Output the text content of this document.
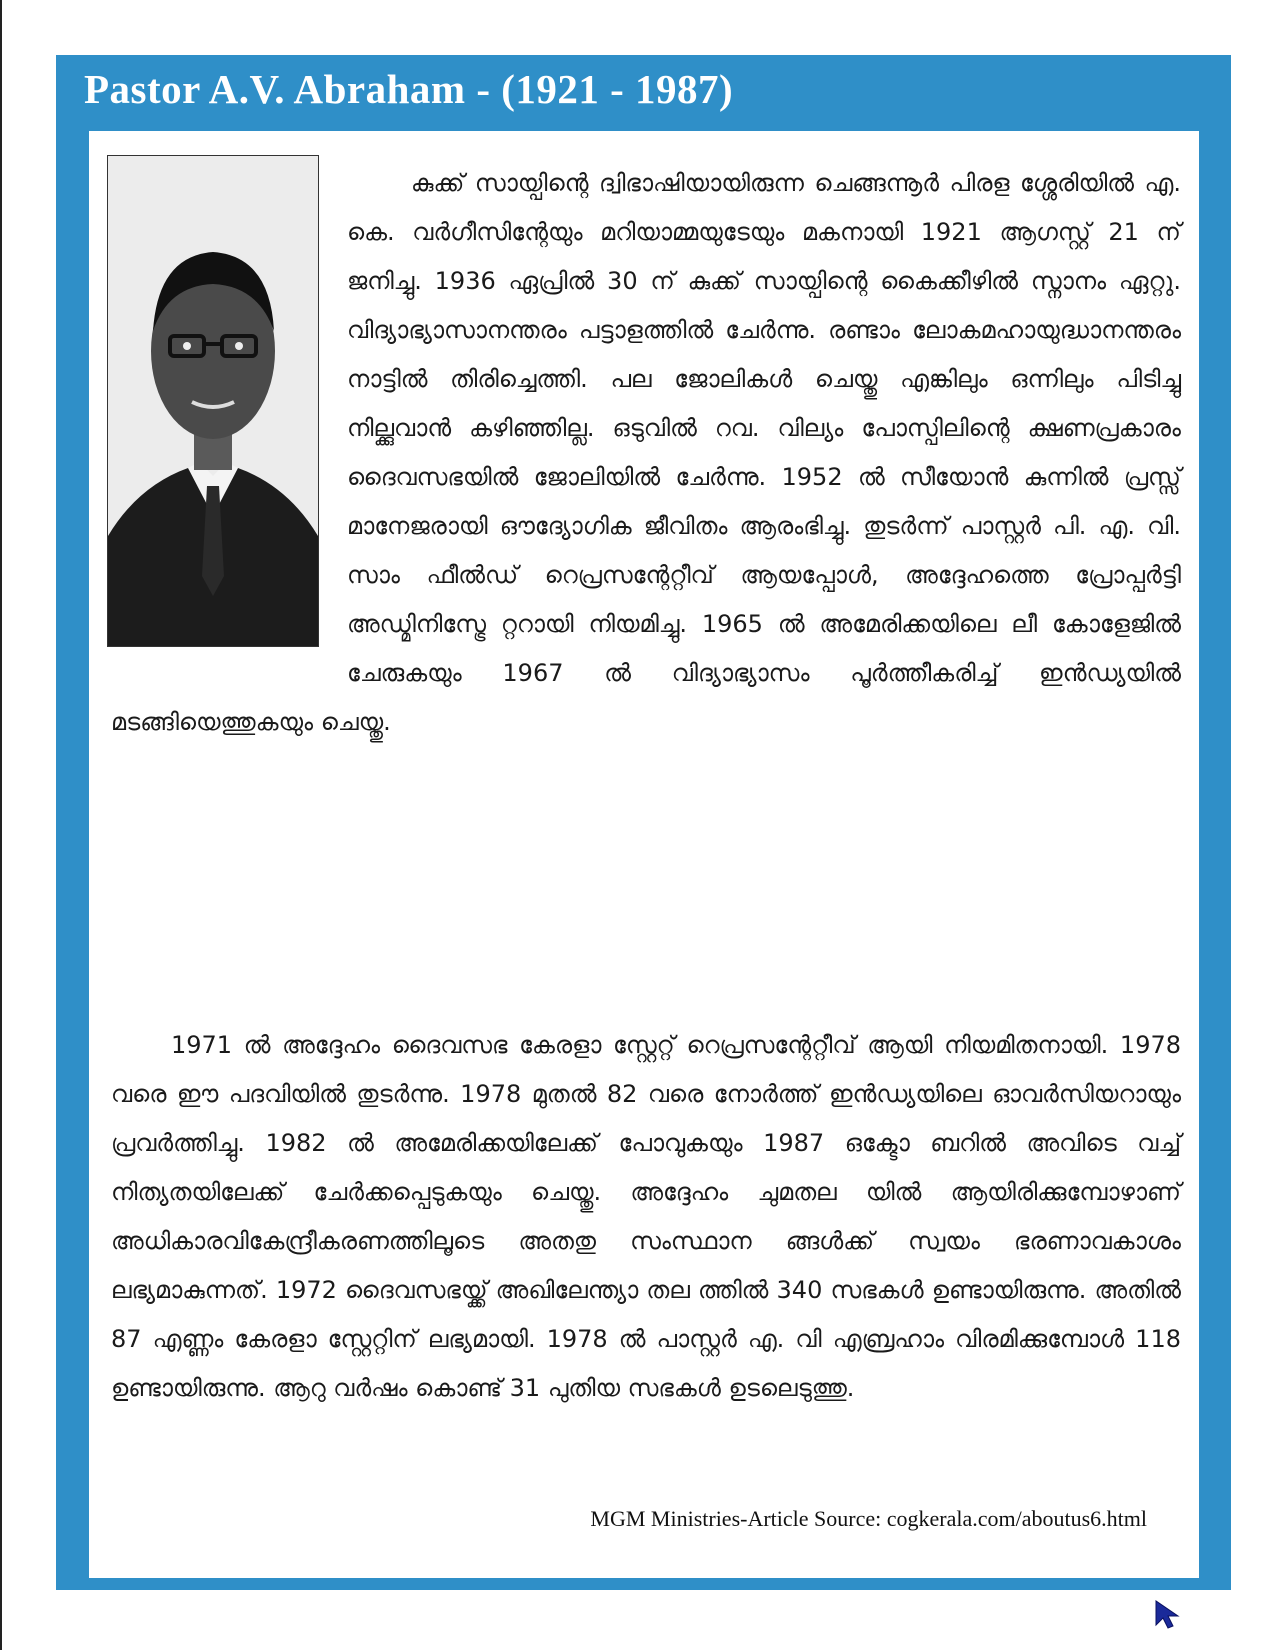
Pastor A.V. Abraham - (1921 - 1987)
കുക്ക് സായ്പിന്റെ ദ്വിഭാഷിയായിരുന്ന ചെങ്ങന്നൂർ പിരള ശ്ശേരിയിൽ എ. കെ. വർഗീസിന്റേയും മറിയാമ്മയുടേയും മകനായി 1921 ആഗസ്റ്റ് 21 ന് ജനിച്ചു. 1936 ഏപ്രിൽ 30 ന് കുക്ക് സായ്പിന്റെ കൈക്കീഴിൽ സ്നാനം ഏറ്റു. വിദ്യാഭ്യാസാനന്തരം പട്ടാളത്തിൽ ചേർന്നു. രണ്ടാം ലോകമഹായുദ്ധാനന്തരം നാട്ടിൽ തിരിച്ചെത്തി. പല ജോലികൾ ചെയ്തു എങ്കിലും ഒന്നിലും പിടിച്ചു നില്ക്കുവാൻ കഴിഞ്ഞില്ല. ഒടുവിൽ റവ. വില്യം പോസ്പിലിന്റെ ക്ഷണപ്രകാരം ദൈവസഭയിൽ ജോലിയിൽ ചേർന്നു. 1952 ൽ സീയോൻ കുന്നിൽ പ്രസ്സ് മാനേജരായി ഔദ്യോഗിക ജീവിതം ആരംഭിച്ചു. തുടർന്ന് പാസ്റ്റർ പി. എ. വി. സാം ഫീൽഡ് റെപ്രസന്റേറ്റീവ് ആയപ്പോൾ, അദ്ദേഹത്തെ പ്രോപ്പർട്ടി അഡ്മിനിസ്ട്രേ റ്ററായി നിയമിച്ചു. 1965 ൽ അമേരിക്കയിലെ ലീ കോളേജിൽ ചേരുകയും 1967 ൽ വിദ്യാഭ്യാസം പൂർത്തീകരിച്ച് ഇൻഡ്യയിൽ മടങ്ങിയെത്തുകയും ചെയ്തു.
1971 ൽ അദ്ദേഹം ദൈവസഭ കേരളാ സ്റ്റേറ്റ് റെപ്രസന്റേറ്റീവ് ആയി നിയമിതനായി. 1978 വരെ ഈ പദവിയിൽ തുടർന്നു. 1978 മുതൽ 82 വരെ നോർത്ത് ഇൻഡ്യയിലെ ഓവർസിയറായും പ്രവർത്തിച്ചു. 1982 ൽ അമേരിക്കയിലേക്ക് പോവുകയും 1987 ഒക്ടോ ബറിൽ അവിടെ വച്ച് നിത്യതയിലേക്ക് ചേർക്കപ്പെടുകയും ചെയ്തു. അദ്ദേഹം ചുമതല യിൽ ആയിരിക്കുമ്പോഴാണ് അധികാരവികേന്ദ്രീകരണത്തിലൂടെ അതതു സംസ്ഥാന ങ്ങൾക്ക് സ്വയം ഭരണാവകാശം ലഭ്യമാകുന്നത്. 1972 ദൈവസഭയ്ക്ക് അഖിലേന്ത്യാ തല ത്തിൽ 340 സഭകൾ ഉണ്ടായിരുന്നു. അതിൽ 87 എണ്ണം കേരളാ സ്റ്റേറ്റിന് ലഭ്യമായി. 1978 ൽ പാസ്റ്റർ എ. വി എബ്രഹാം വിരമിക്കുമ്പോൾ 118 ഉണ്ടായിരുന്നു. ആറു വർഷം കൊണ്ട് 31 പുതിയ സഭകൾ ഉടലെടുത്തു.
MGM Ministries-Article Source: cogkerala.com/aboutus6.html
